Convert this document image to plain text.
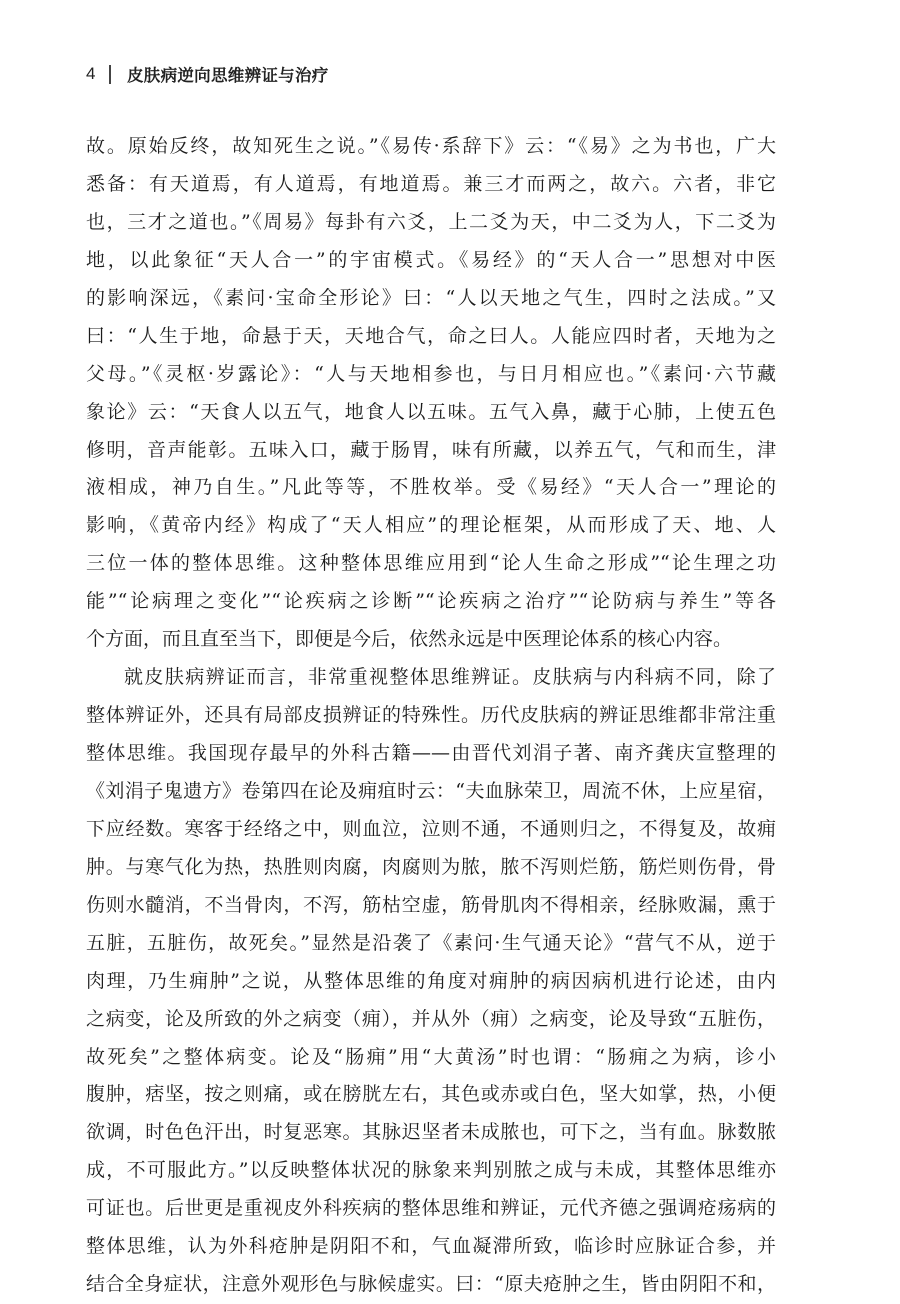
4 皮肤病逆向思维辨证与治疗
故。原始反终，故知死生之说。”《易传·系辞下》云：“《易》之为书也，广大
悉备：有天道焉，有人道焉，有地道焉。兼三才而两之，故六。六者，非它
也，三才之道也。”《周易》每卦有六爻，上二爻为天，中二爻为人，下二爻为
地，以此象征“天人合一”的宇宙模式。《易经》的“天人合一”思想对中医
的影响深远，《素问·宝命全形论》曰：“人以天地之气生，四时之法成。”又
曰：“人生于地，命悬于天，天地合气，命之曰人。人能应四时者，天地为之
父母。”《灵枢·岁露论》：“人与天地相参也，与日月相应也。”《素问·六节藏
象论》云：“天食人以五气，地食人以五味。五气入鼻，藏于心肺，上使五色
修明，音声能彰。五味入口，藏于肠胃，味有所藏，以养五气，气和而生，津
液相成，神乃自生。”凡此等等，不胜枚举。受《易经》“天人合一”理论的
影响，《黄帝内经》构成了“天人相应”的理论框架，从而形成了天、地、人
三位一体的整体思维。这种整体思维应用到“论人生命之形成”“论生理之功
能”“论病理之变化”“论疾病之诊断”“论疾病之治疗”“论防病与养生”等各
个方面，而且直至当下，即便是今后，依然永远是中医理论体系的核心内容。
就皮肤病辨证而言，非常重视整体思维辨证。皮肤病与内科病不同，除了
整体辨证外，还具有局部皮损辨证的特殊性。历代皮肤病的辨证思维都非常注重
整体思维。我国现存最早的外科古籍——由晋代刘涓子著、南齐龚庆宣整理的
《刘涓子鬼遗方》卷第四在论及痈疽时云：“夫血脉荣卫，周流不休，上应星宿，
下应经数。寒客于经络之中，则血泣，泣则不通，不通则归之，不得复及，故痈
肿。与寒气化为热，热胜则肉腐，肉腐则为脓，脓不泻则烂筋，筋烂则伤骨，骨
伤则水髓消，不当骨肉，不泻，筋枯空虚，筋骨肌肉不得相亲，经脉败漏，熏于
五脏，五脏伤，故死矣。”显然是沿袭了《素问·生气通天论》“营气不从，逆于
肉理，乃生痈肿”之说，从整体思维的角度对痈肿的病因病机进行论述，由内
之病变，论及所致的外之病变（痈），并从外（痈）之病变，论及导致“五脏伤，
故死矣”之整体病变。论及“肠痈”用“大黄汤”时也谓：“肠痈之为病，诊小
腹肿，痞坚，按之则痛，或在膀胱左右，其色或赤或白色，坚大如掌，热，小便
欲调，时色色汗出，时复恶寒。其脉迟坚者未成脓也，可下之，当有血。脉数脓
成，不可服此方。”以反映整体状况的脉象来判别脓之成与未成，其整体思维亦
可证也。后世更是重视皮外科疾病的整体思维和辨证，元代齐德之强调疮疡病的
整体思维，认为外科疮肿是阴阳不和，气血凝滞所致，临诊时应脉证合参，并
结合全身症状，注意外观形色与脉候虚实。曰：“原夫疮肿之生，皆由阴阳不和，
